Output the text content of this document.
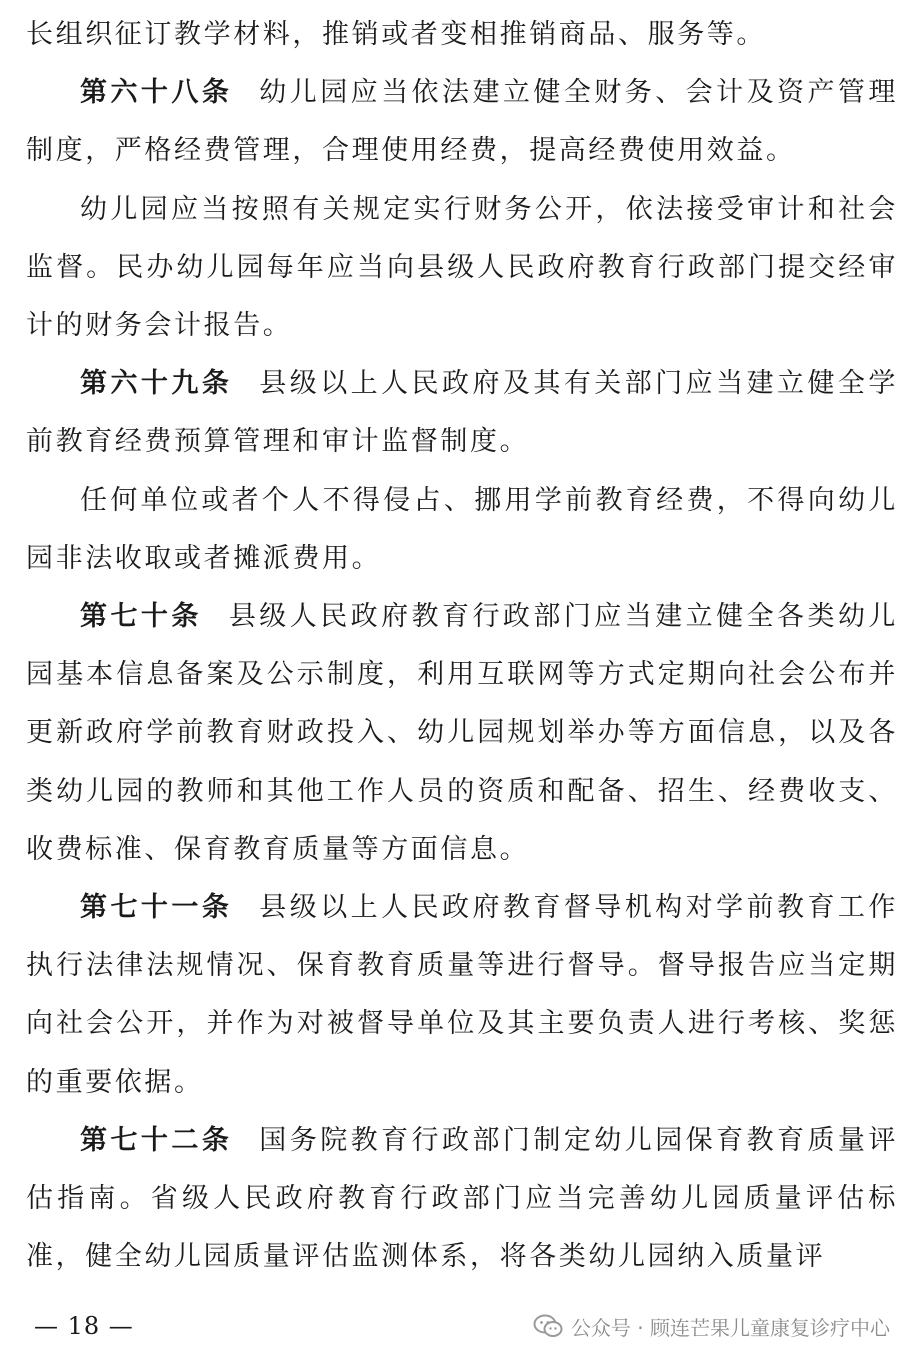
长组织征订教学材料，推销或者变相推销商品、服务等。

第六十八条 幼儿园应当依法建立健全财务、会计及资产管理制度，严格经费管理，合理使用经费，提高经费使用效益。

幼儿园应当按照有关规定实行财务公开，依法接受审计和社会监督。民办幼儿园每年应当向县级人民政府教育行政部门提交经审计的财务会计报告。

第六十九条 县级以上人民政府及其有关部门应当建立健全学前教育经费预算管理和审计监督制度。

任何单位或者个人不得侵占、挪用学前教育经费，不得向幼儿园非法收取或者摊派费用。

第七十条 县级人民政府教育行政部门应当建立健全各类幼儿园基本信息备案及公示制度，利用互联网等方式定期向社会公布并更新政府学前教育财政投入、幼儿园规划举办等方面信息，以及各类幼儿园的教师和其他工作人员的资质和配备、招生、经费收支、收费标准、保育教育质量等方面信息。

第七十一条 县级以上人民政府教育督导机构对学前教育工作执行法律法规情况、保育教育质量等进行督导。督导报告应当定期向社会公开，并作为对被督导单位及其主要负责人进行考核、奖惩的重要依据。

第七十二条 国务院教育行政部门制定幼儿园保育教育质量评估指南。省级人民政府教育行政部门应当完善幼儿园质量评估标准，健全幼儿园质量评估监测体系，将各类幼儿园纳入质量评

— 18 —	公众号 · 顾连芒果儿童康复诊疗中心
